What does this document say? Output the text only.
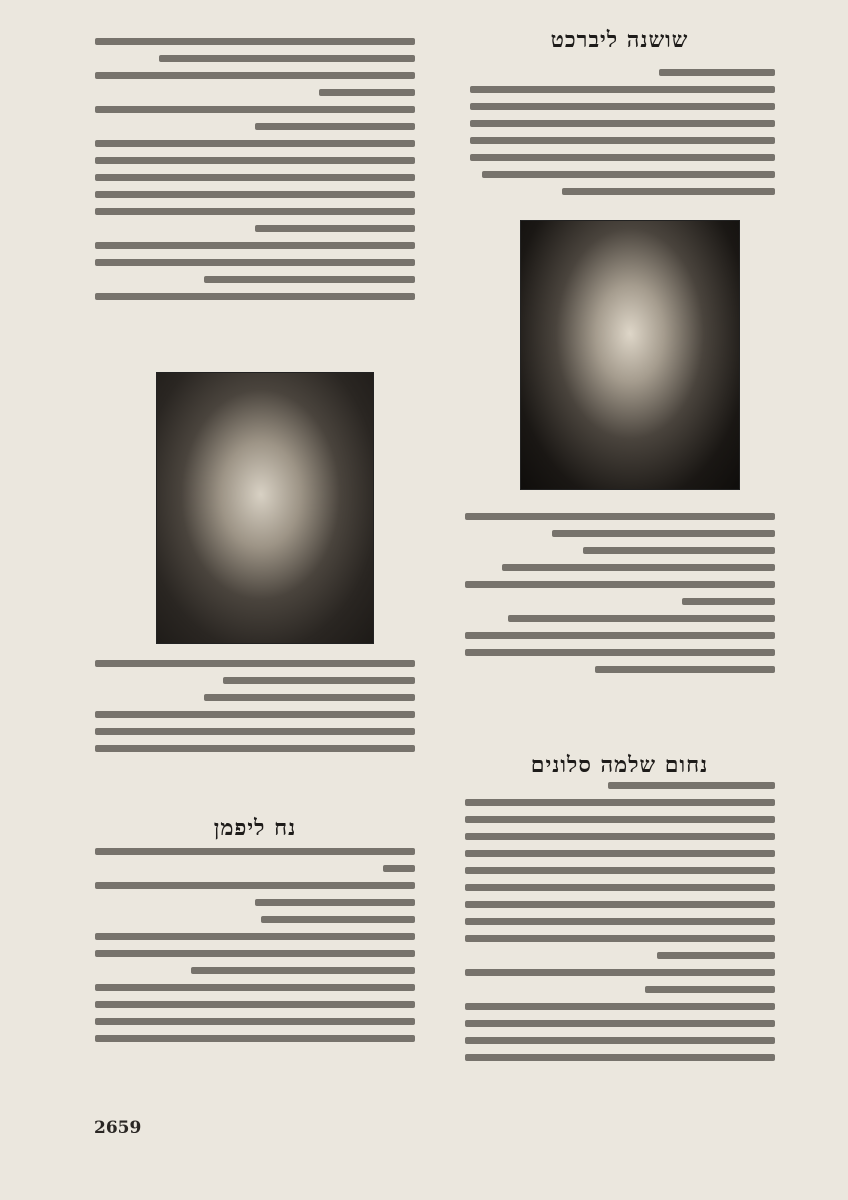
שושנה ליברכט
נחום שלמה סלונים
נח ליפמן
2659
